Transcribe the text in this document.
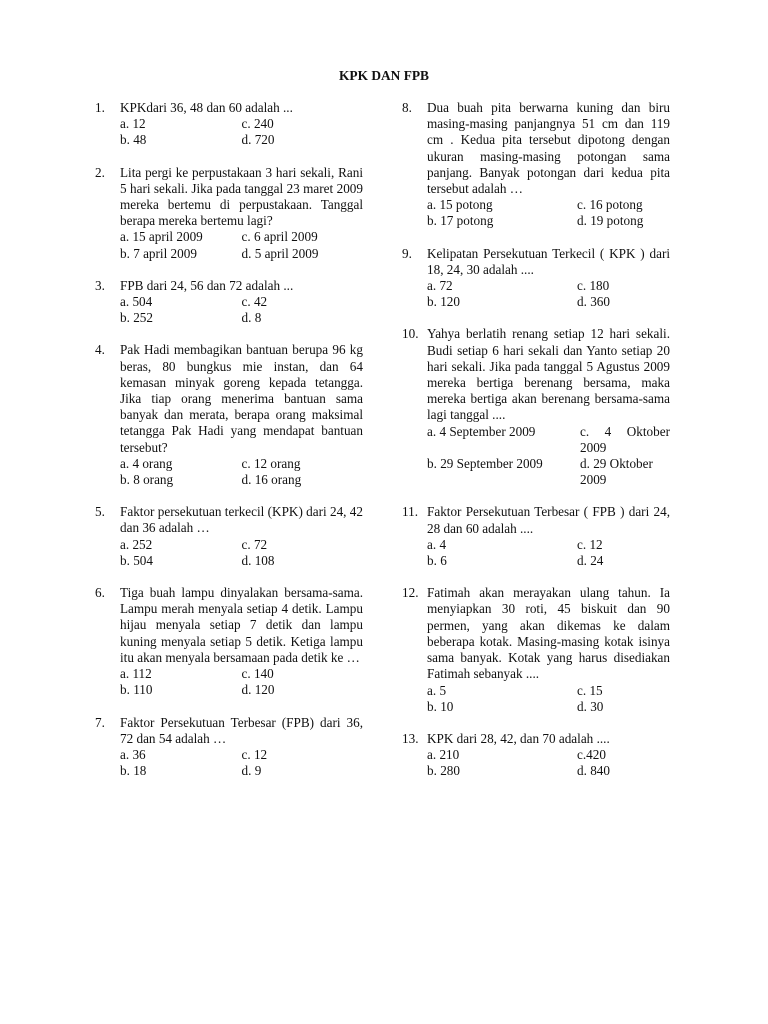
KPK DAN FPB
1. KPKdari 36, 48 dan 60 adalah ...
a. 12	c. 240
b. 48	d. 720
2. Lita pergi ke perpustakaan 3 hari sekali, Rani 5 hari sekali. Jika pada tanggal 23 maret 2009 mereka bertemu di perpustakaan. Tanggal berapa mereka bertemu lagi?
a. 15 april 2009	c. 6 april 2009
b. 7 april 2009	d. 5 april 2009
3. FPB dari 24, 56 dan 72 adalah ...
a. 504	c. 42
b. 252	d. 8
4. Pak Hadi membagikan bantuan berupa 96 kg beras, 80 bungkus mie instan, dan 64 kemasan minyak goreng kepada tetangga. Jika tiap orang menerima bantuan sama banyak dan merata, berapa orang maksimal tetangga Pak Hadi yang mendapat bantuan tersebut?
a. 4 orang	c. 12 orang
b. 8 orang	d. 16 orang
5. Faktor persekutuan terkecil (KPK) dari 24, 42 dan 36 adalah …
a. 252	c. 72
b. 504	d. 108
6. Tiga buah lampu dinyalakan bersama-sama. Lampu merah menyala setiap 4 detik. Lampu hijau menyala setiap 7 detik dan lampu kuning menyala setiap 5 detik. Ketiga lampu itu akan menyala bersamaan pada detik ke …
a. 112	c. 140
b. 110	d. 120
7. Faktor Persekutuan Terbesar (FPB) dari 36, 72 dan 54 adalah …
a. 36	c. 12
b. 18	d. 9
8. Dua buah pita berwarna kuning dan biru masing-masing panjangnya 51 cm dan 119 cm . Kedua pita tersebut dipotong dengan ukuran masing-masing potongan sama panjang. Banyak potongan dari kedua pita tersebut adalah …
a. 15 potong	c. 16 potong
b. 17 potong	d. 19 potong
9. Kelipatan Persekutuan Terkecil ( KPK ) dari 18, 24, 30 adalah ....
a. 72	c. 180
b. 120	d. 360
10. Yahya berlatih renang setiap 12 hari sekali. Budi setiap 6 hari sekali dan Yanto setiap 20 hari sekali. Jika pada tanggal 5 Agustus 2009 mereka bertiga berenang bersama, maka mereka bertiga akan berenang bersama-sama lagi tanggal ....
a. 4 September 2009	c. 4 Oktober 2009
b. 29 September 2009	d. 29 Oktober 2009
11. Faktor Persekutuan Terbesar ( FPB ) dari 24, 28 dan 60 adalah ....
a. 4	c. 12
b. 6	d. 24
12. Fatimah akan merayakan ulang tahun. Ia menyiapkan 30 roti, 45 biskuit dan 90 permen, yang akan dikemas ke dalam beberapa kotak. Masing-masing kotak isinya sama banyak. Kotak yang harus disediakan Fatimah sebanyak ....
a. 5	c. 15
b. 10	d. 30
13. KPK dari 28, 42, dan 70 adalah ....
a. 210	c.420
b. 280	d. 840
